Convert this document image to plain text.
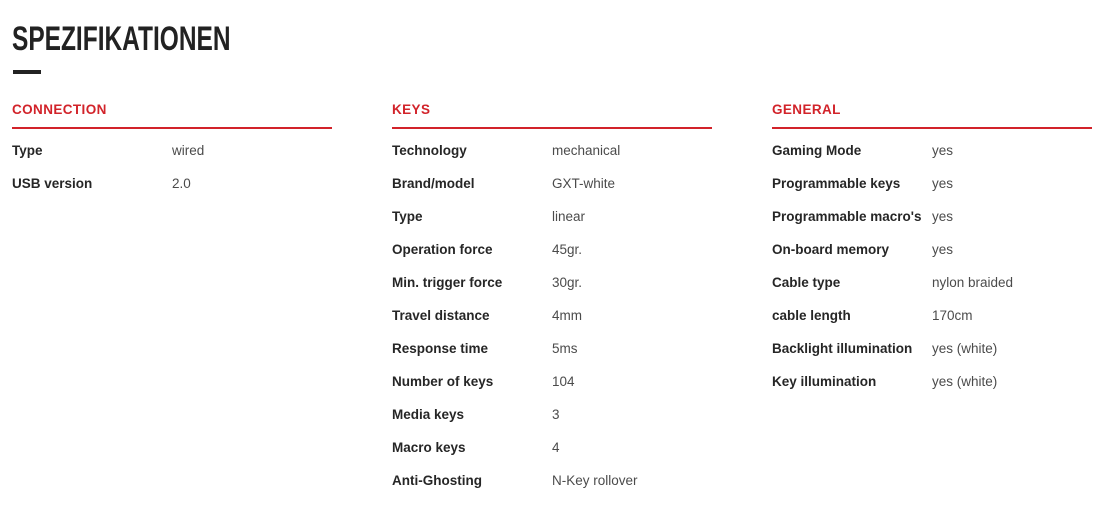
SPEZIFIKATIONEN
CONNECTION
Type	wired
USB version	2.0
KEYS
Technology	mechanical
Brand/model	GXT-white
Type	linear
Operation force	45gr.
Min. trigger force	30gr.
Travel distance	4mm
Response time	5ms
Number of keys	104
Media keys	3
Macro keys	4
Anti-Ghosting	N-Key rollover
GENERAL
Gaming Mode	yes
Programmable keys	yes
Programmable macro's yes
On-board memory	yes
Cable type	nylon braided
cable length	170cm
Backlight illumination	yes (white)
Key illumination	yes (white)
